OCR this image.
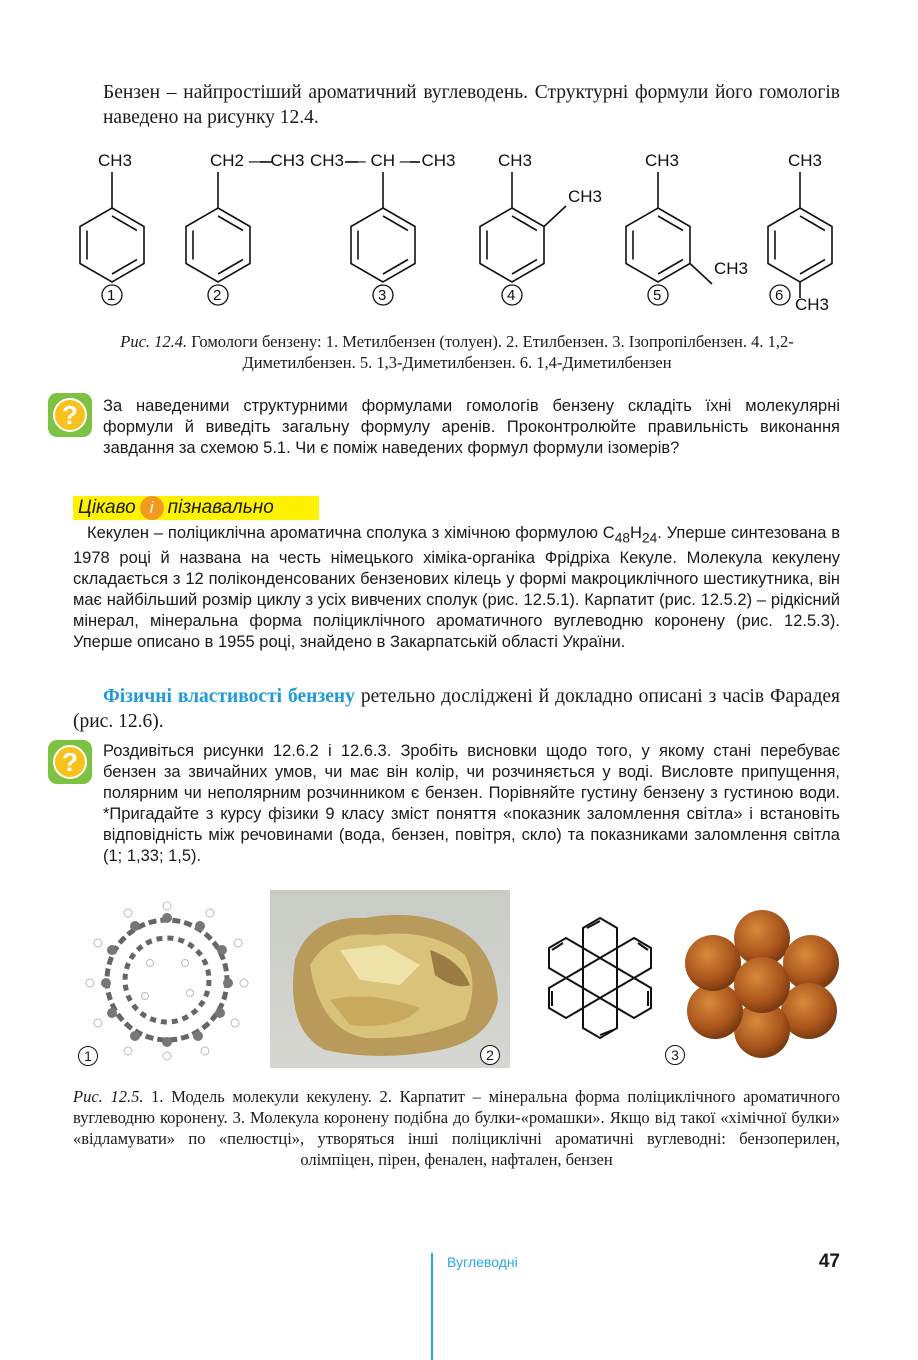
Бензен – найпростіший ароматичний вуглеводень. Структурні формули його гомологів наведено на рисунку 12.4.

CH3	CH2 — CH3 CH3 — CH — CH3	CH3
CH3
CH3
CH3
CH3
CH3
1	2	3	4	5	6

Рис. 12.4. Гомологи бензену: 1. Метилбензен (толуен). 2. Етилбензен. 3. Ізопропілбензен. 4. 1,2-Диметилбензен. 5. 1,3-Диметилбензен. 6. 1,4-Диметилбензен

?	За наведеними структурними формулами гомологів бензену складіть їхні молекулярні формули й виведіть загальну формулу аренів. Проконтролюйте правильність виконання завдання за схемою 5.1. Чи є поміж наведених формул формули ізомерів?

Цікаво і пізнавально

Кекулен – поліциклічна ароматична сполука з хімічною формулою $C_{48}H_{24}$. Уперше синтезована в 1978 році й названа на честь німецького хіміка-органіка Фрідріха Кекуле. Молекула кекулену складається з 12 поліконденсованих бензенових кілець у формі макроциклічного шестикутника, він має найбільший розмір циклу з усіх вивчених сполук (рис. 12.5.1). Карпатит (рис. 12.5.2) – рідкісний мінерал, мінеральна форма поліциклічного ароматичного вуглеводню коронену (рис. 12.5.3). Уперше описано в 1955 році, знайдено в Закарпатській області України.

Фізичні властивості бензену ретельно досліджені й докладно описані з часів Фарадея (рис. 12.6).

?	Роздивіться рисунки 12.6.2 і 12.6.3. Зробіть висновки щодо того, у якому стані перебуває бензен за звичайних умов, чи має він колір, чи розчиняється у воді. Висловте припущення, полярним чи неполярним розчинником є бензен. Порівняйте густину бензену з густиною води. *Пригадайте з курсу фізики 9 класу зміст поняття «показник заломлення світла» і встановіть відповідність між речовинами (вода, бензен, повітря, скло) та показниками заломлення світла (1; 1,33; 1,5).

1	2	3

Рис. 12.5. 1. Модель молекули кекулену. 2. Карпатит – мінеральна форма поліциклічного ароматичного вуглеводню коронену. 3. Молекула коронену подібна до булки-«ромашки». Якщо від такої «хімічної булки» «відламувати» по «пелюстці», утворяться інші поліциклічні ароматичні вуглеводні: бензоперилен, олімпіцен, пірен, фенален, нафтален, бензен

Вуглеводні	47
